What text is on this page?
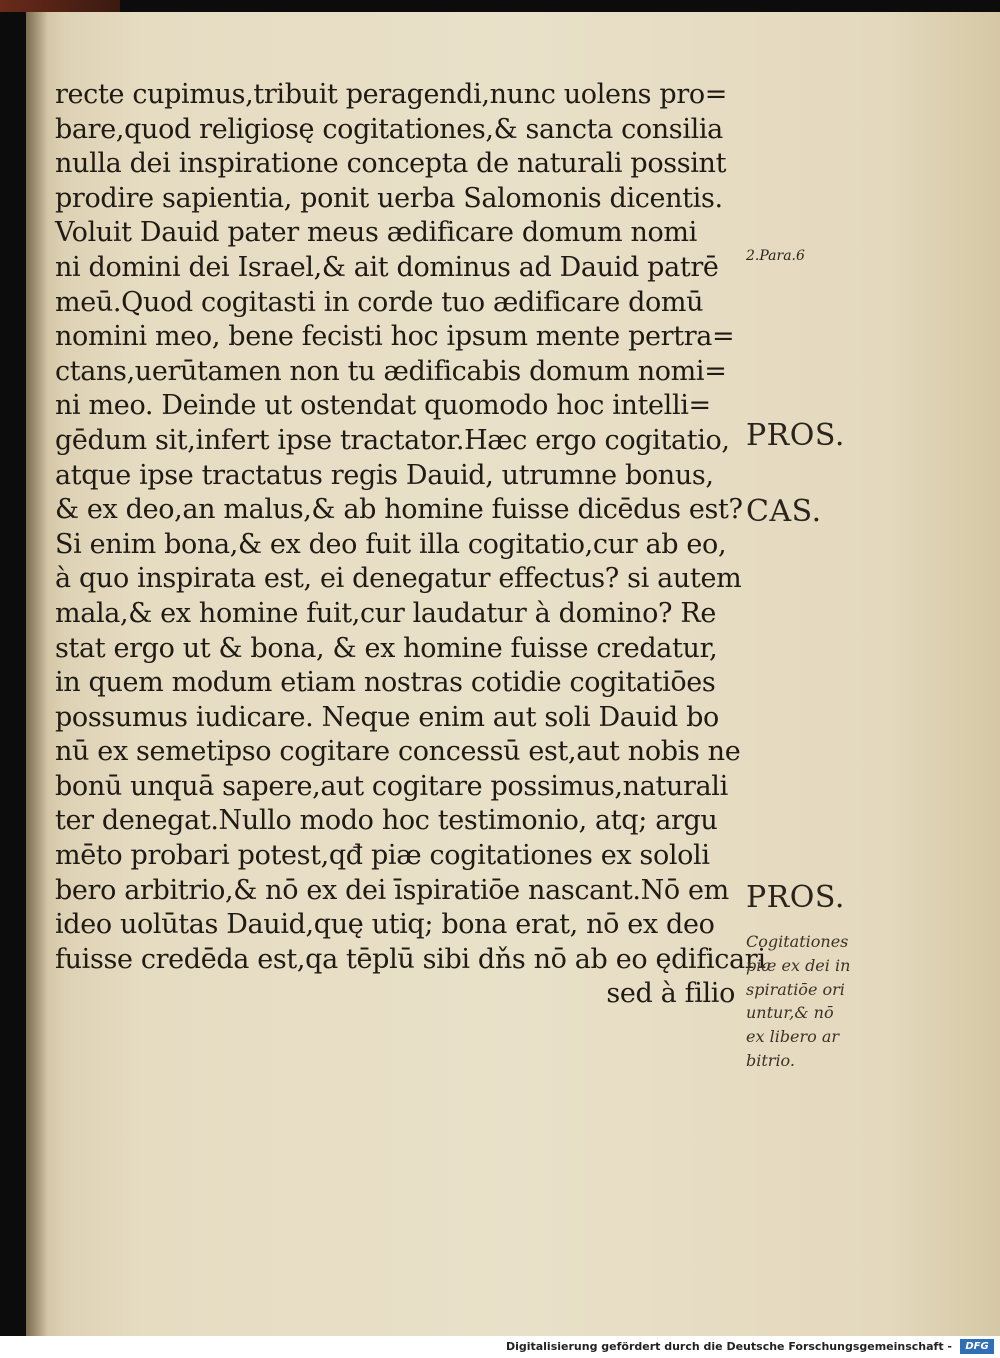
recte cupimus,tribuit peragendi,nunc uolens pro=
bare,quod religiosę cogitationes,& sancta consilia
nulla dei inspiratione concepta de naturali possint
prodire sapientia, ponit uerba Salomonis dicentis.
Voluit Dauid pater meus ædificare domum nomi
ni domini dei Israel,& ait dominus ad Dauid patrē
meū.Quod cogitasti in corde tuo ædificare domū
nomini meo, bene fecisti hoc ipsum mente pertra=
ctans,uerūtamen non tu ædificabis domum nomi=
ni meo. Deinde ut ostendat quomodo hoc intelli=
gēdum sit,infert ipse tractator.Hæc ergo cogitatio,
atque ipse tractatus regis Dauid, utrumne bonus,
& ex deo,an malus,& ab homine fuisse dicēdus est?
Si enim bona,& ex deo fuit illa cogitatio,cur ab eo,
à quo inspirata est, ei denegatur effectus? si autem
mala,& ex homine fuit,cur laudatur à domino? Re
stat ergo ut & bona, & ex homine fuisse credatur,
in quem modum etiam nostras cotidie cogitatiōes
possumus iudicare. Neque enim aut soli Dauid bo
nū ex semetipso cogitare concessū est,aut nobis ne
bonū unquā sapere,aut cogitare possimus,naturali
ter denegat.Nullo modo hoc testimonio, atq; argu
mēto probari potest,qđ piæ cogitationes ex sololi
bero arbitrio,& nō ex dei īspiratiōe nascant.Nō em
ideo uolūtas Dauid,quę utiq; bona erat, nō ex deo
fuisse credēda est,qa tēplū sibi dňs nō ab eo ędificari
sed à filio
2.Para.6
PROS.
CAS.
PROS.
Cogitationes
piæ ex dei in
spiratiōe ori
untur,& nō
ex libero ar
bitrio.
Digitalisierung gefördert durch die Deutsche Forschungsgemeinschaft -	DFG
